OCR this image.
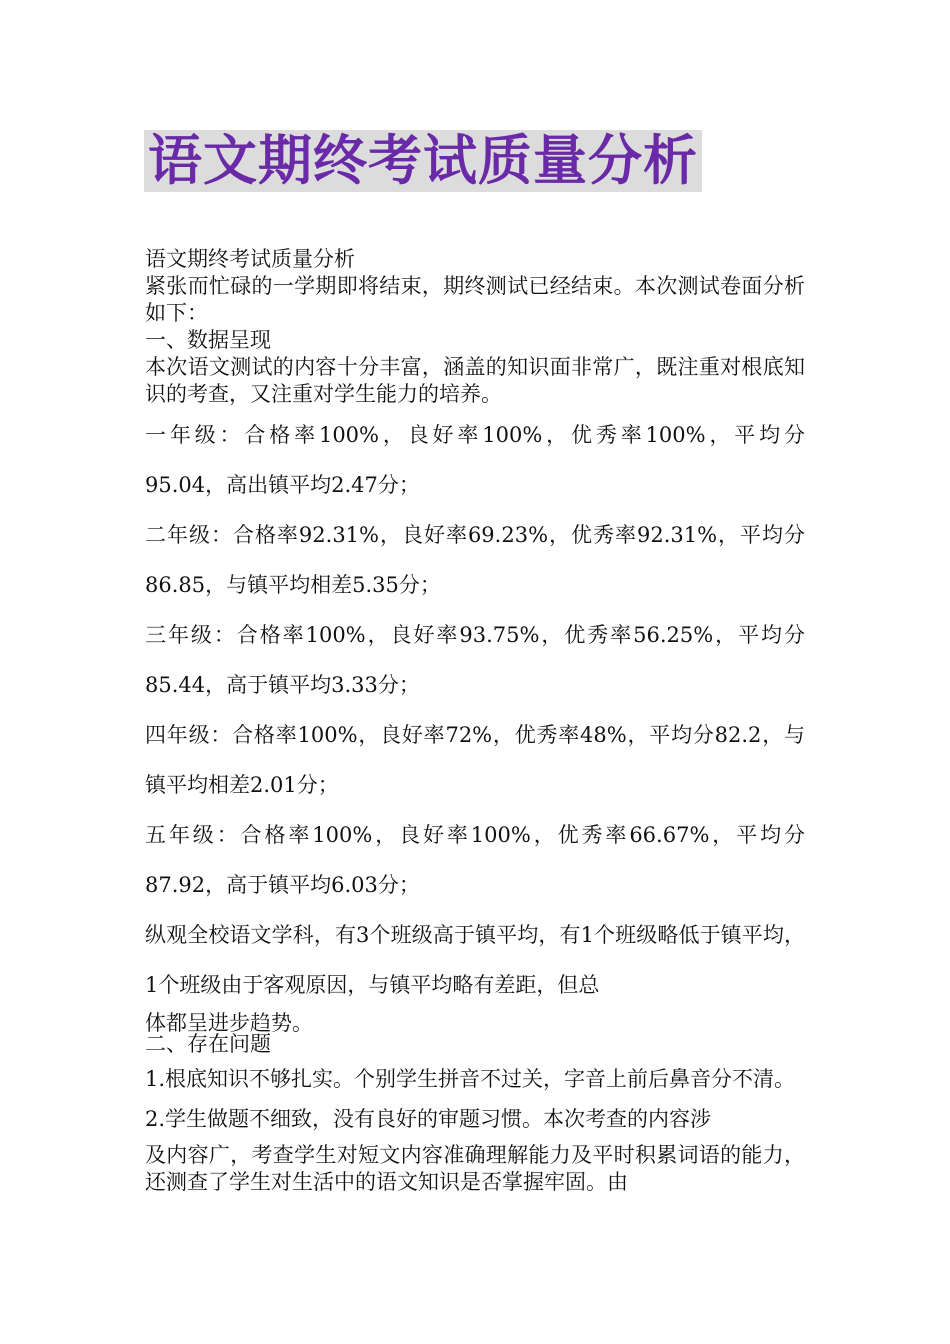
语文期终考试质量分析

语文期终考试质量分析

紧张而忙碌的一学期即将结束，期终测试已经结束。本次测试卷面分析如下：

一、数据呈现

本次语文测试的内容十分丰富，涵盖的知识面非常广，既注重对根底知识的考查，又注重对学生能力的培养。

一年级：合格率100%，良好率100%，优秀率100%，平均分95.04，高出镇平均2.47分；

二年级：合格率92.31%，良好率69.23%，优秀率92.31%，平均分86.85，与镇平均相差5.35分；

三年级：合格率100%，良好率93.75%，优秀率56.25%，平均分85.44，高于镇平均3.33分；

四年级：合格率100%，良好率72%，优秀率48%，平均分82.2，与镇平均相差2.01分；

五年级：合格率100%，良好率100%，优秀率66.67%，平均分87.92，高于镇平均6.03分；

纵观全校语文学科，有3个班级高于镇平均，有1个班级略低于镇平均，1个班级由于客观原因，与镇平均略有差距，但总
体都呈进步趋势。

二、存在问题

1.根底知识不够扎实。个别学生拼音不过关，字音上前后鼻音分不清。

2.学生做题不细致，没有良好的审题习惯。本次考查的内容涉

及内容广，考查学生对短文内容准确理解能力及平时积累词语的能力，还测查了学生对生活中的语文知识是否掌握牢固。由
